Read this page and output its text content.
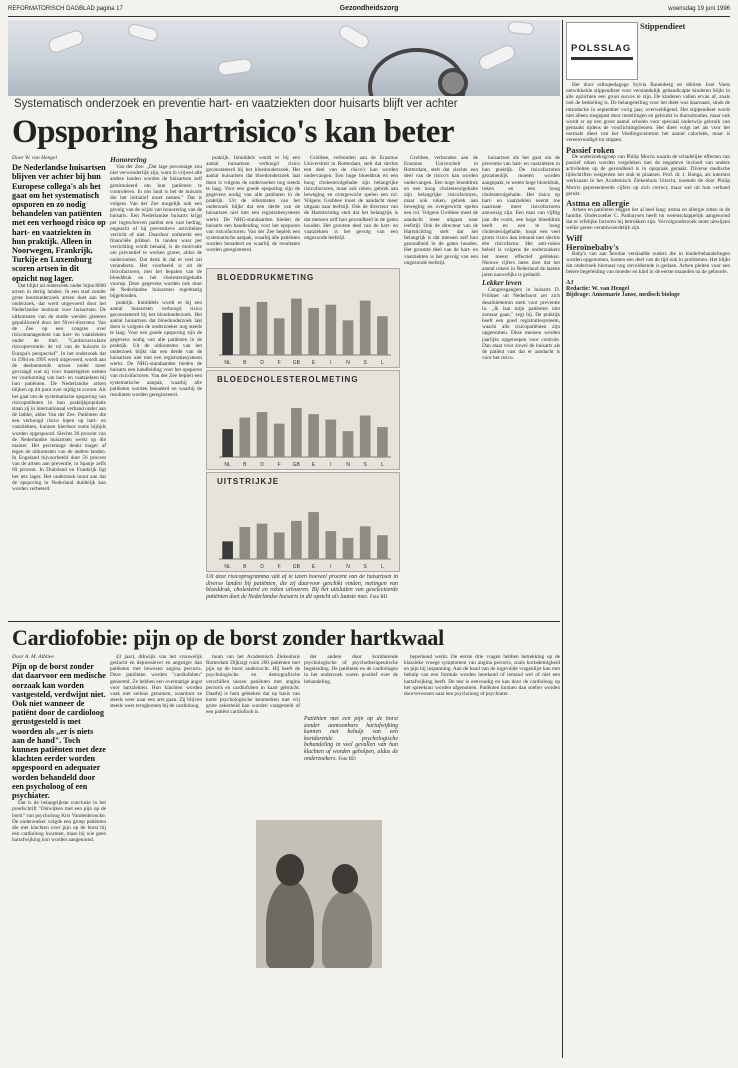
REFORMATORISCH DAGBLAD pagina 17	Gezondheidszorg	woensdag 19 juni 1996
Systematisch onderzoek en preventie hart- en vaatziekten door huisarts blijft ver achter
Opsporing hartrisico's kan beter
Door W. van Hengel
De Nederlandse huisartsen blijven ver achter bij hun Europese collega's als het gaat om het systematisch opsporen en zo nodig behandelen van patiënten met een verhoogd risico op hart- en vaatziekten in hun praktijk. Alleen in Noorwegen, Frankrijk, Turkije en Luxemburg scoren artsen in dit opzicht nog lager.

Dat blijkt uit onderzoek onder bijna 8000 artsen in dertig landen. In een stad zonder grote buurtonderzoek artsen doet aan het onderzoek, dat werd uitgevoerd door het Nederlandse instituut voor huisartsen. De uitkomsten van de studie werden gisteren gepubliceerd door het Nivel-directeur. Van de Zee op een congres over risicomanagement van hart- en vaatziekten onder de titel: "Cardiovasculaire risicopreventie: de rol van de huisarts in Europa's perspectief". In het onderzoek dat in 1994 en 1995 werd uitgevoerd, wordt aan de deelnemende artsen onder meer gevraagd wat zij voor maatregelen nemen ter voorkoming van hart- en vaatziekten bij hun patiënten. De Nederlandse artsen blijken op dit punt over nijdig te scoren. Als het gaat om de systematische opsporing van risicopatiënten in hun praktijkpopulatie staan zij in internationaal verband onder aan de ladder, aldus Van der Zee. Patiënten die een verhoogd risico lopen op hart- en vaatziekten, kunnen hierdoor soms bijtijds worden opgespoord. Slechts 26 procent van de Nederlandse huisartsen werkt op die manier. Het percentage denkt mager af tegen de uitkomsten van de andere landen. In Engeland bijvoorbeeld doet 56 procent van de artsen aan preventie, in Spanje zelfs 69 procent. In Duitsland en Frankrijk ligt het iets lager. Het onderzoek toont aan dat de opsporing in Nederland duidelijk kan worden verbeterd.

Honorering

Van der Zee: ,,Dat lage percentage zou niet verwonderlijk zijn, want in vrijwel alle andere landen worden de huisartsen zelf gestimuleerd om hun patiënten te controleren. In ons land is het de huisarts die het initiatief moet nemen." Dat is volgens Van der Zee mogelijk ook een gevolg van de wijze van honorering van de huisarts. Een Nederlandse huisarts krijgt per ingeschreven patiënt een vast bedrag, ongeacht of hij preventieve activiteiten verricht of niet. Daardoor ontbreekt een financiële prikkel. In landen waar per verrichting wordt betaald, is de motivatie om preventief te werken groter, aldus de onderzoeker. Dat denk ik dat er veel zal veranderen. Het voorbeeld is uit de risicofactoren, met het bepalen van de bloeddruk en het cholesterolgehalte voorop. Deze gegevens worden ook door de Nederlandse huisartsen regelmatig bijgehouden.

praktijk. Inmiddels wordt er bij een aantal huisartsen verhoogd risico geconstateerd bij het bloedonderzoek. Het aantal huisartsen dat bloedonderzoek laat doen is volgens de onderzoeker nog steeds te laag. Voor een goede opsporing zijn de gegevens nodig van alle patiënten in de praktijk. Uit de uitkomsten van het onderzoek blijkt dat een derde van de huisartsen niet met een registratiesysteem werkt. De NHG-standaarden bieden de huisarts een handleiding voor het opsporen van risicofactoren. Van der Zee bepleit een systematische aanpak, waarbij alle patiënten worden benaderd en waarbij de resultaten worden geregistreerd.

praktijk. Inmiddels wordt er bij een aantal huisartsen verhoogd risico geconstateerd bij het bloedonderzoek. Het aantal huisartsen dat bloedonderzoek laat doen is volgens de onderzoeker nog steeds te laag. Voor een goede opsporing zijn de gegevens nodig van alle patiënten in de praktijk. Uit de uitkomsten van het onderzoek blijkt dat een derde van de huisartsen niet met een registratiesysteem werkt. De NHG-standaarden bieden de huisarts een handleiding voor het opsporen van risicofactoren. Van der Zee bepleit een systematische aanpak, waarbij alle patiënten worden benaderd en waarbij de resultaten worden geregistreerd.

Grobbee, verbonden aan de Erasmus Universiteit in Rotterdam, stelt dat slechts een deel van de risico's kan worden ondervangen. Een hoge bloeddruk en een hoog cholesterolgehalte zijn belangrijke risicofactoren, maar ook roken, gebrek aan beweging en overgewicht spelen een rol. Volgens Grobbee moet de aandacht meer uitgaan naar leefstijl. Ook de directeur van de Hartstichting stelt dat het belangrijk is dat mensen zelf hun gezondheid in de gaten houden. Het grootste deel van de hart- en vaatziekten is het gevolg van een ongezonde leefstijl.

BLOEDDRUKMETING
NL B	D	F GB E	I	N	S	L
BLOEDCHOLESTEROLMETING
NL B	D	F GB E	I	N	S	L
UITSTRIJKJE
NL B	D	F GB E	I	N	S	L
Uit deze risicoprogramma valt af te lezen hoeveel procent van de huisartsen in diverse landen bij patiënten, die zij daarvoor geschikt vinden, metingen van bloeddruk, cholesterol en roken uitvoeren. Bij het uitsluiten van geselecteerde patiënten doet de Nederlandse huisarts in dit opzicht als laatste mee. Foto RD

Grobbee, verbonden aan de Erasmus Universiteit in Rotterdam, stelt dat slechts een deel van de risico's kan worden ondervangen. Een hoge bloeddruk en een hoog cholesterolgehalte zijn belangrijke risicofactoren, maar ook roken, gebrek aan beweging en overgewicht spelen een rol. Volgens Grobbee moet de aandacht meer uitgaan naar leefstijl. Ook de directeur van de Hartstichting stelt dat het belangrijk is dat mensen zelf hun gezondheid in de gaten houden. Het grootste deel van de hart- en vaatziekten is het gevolg van een ongezonde leefstijl.

huisartsen als het gaat om de preventie van hart- en vaatziekten in hun praktijk. De risicofactoren gezamenlijk moeten worden aangepakt, te weten hoge bloeddruk, roken en een hoog cholesterolgehalte. Het risico op hart- en vaatziekten neemt toe naarmate meer risicofactoren aanwezig zijn. Een man van vijftig jaar die rookt, een hoge bloeddruk heeft en een te hoog cholesterolgehalte, loopt een veel groter risico dan iemand met slechts één risicofactor. Het anti-roken beleid is volgens de onderzoekers het meest effectief gebleken. Nieuwe cijfers laten zien dat het aantal rokers in Nederland de laatste jaren nauwelijks is gedaald.

Lekker leven

Congresgangers in huisarts D. Frölmer uit Nederhorst zet zich desalniettemin sterk voor preventie in. ,,Ik laat mijn patiënten niet zomaar gaan," zegt hij. De praktijk heeft een goed registratiesysteem, waarin alle risicopatiënten zijn opgenomen. Deze mensen worden jaarlijks opgeroepen voor controle. Dan staat voor zowel de huisarts als de patiënt vast dat er aandacht is voor het risico.

Cardiofobie: pijn op de borst zonder hartkwaal
Door A. M. Albliee
Pijn op de borst zonder dat daarvoor een medische oorzaak kan worden vastgesteld, verdwijnt niet. Ook niet wanneer de patiënt door de cardioloog gerustgesteld is met woorden als ,,er is niets aan de hand". Toch kunnen patiënten met deze klachten eerder worden opgespoord en adequater worden behandeld door een psycholoog of een psychiater.

Dat is de belangrijkste conclusie in het proefschrift "Ontwijken met een pijn op de borst" van psycholoog Kris Vandenbroucke. De onderzoeker volgde een groep patiënten die met klachten over pijn op de borst bij een cardioloog kwamen, maar bij wie geen hartafwijking kon worden aangetoond.

43 jaar), dikwijls van het vrouwelijk geslacht en depressiever en angstiger dan patiënten met bewezen angina pectoris. Deze patiënten worden "cardiofoben" genoemd. Ze hebben een overmatige angst voor hartziekten. Hun klachten worden vaak niet serieus genomen, waardoor ze steeds weer naar een arts gaan. Zij blijven steeds weer terugkomen bij de cardioloog.

tuum van het Academisch Ziekenhuis Rotterdam Dijkzigt ruim 200 patiënten met pijn op de borst onderzocht. Hij heeft de psychologische en demografische verschillen tussen patiënten met angina pectoris en cardiofoben in kaart gebracht. Daarbij is hem gebleken dat op basis van korte psychologische kenmerken met vrij grote zekerheid kan worden vastgesteld of een patiënt cardiofoob is.

der andere door kortdurende psychologische of psychotherapeutische begeleiding. De patiënten en de cardiologen in het onderzoek waren positief over de behandeling.

Patiënten met een pijn op de borst zonder aantoonbare hartafwijking kunnen met behulp van een kortdurende psychologische behandeling in veel gevallen van hun klachten af worden geholpen, aldus de onderzoekers. Foto RD

beperkend werkt. De eerste drie vragen hebben betrekking op de klassieke vroege symptomen van angina pectoris, zoals kortademigheid en pijn bij inspanning. Aan de hand van de ingevulde vragenlijst kan met behulp van een formule worden berekend of iemand wel of niet een hartafwijking heeft. De test is eenvoudig en kan door de cardioloog op het spreekuur worden afgenomen. Patiënten kunnen dan sneller worden doorverwezen naar een psycholoog of psychiater.

POLSSLAG
Stippendieet

Het door orthopedagoge Sylvia Rauenberg en diëtiste José Voets ontwikkelde stippendieet voor verstandelijk gehandicapte kinderen blijkt in alle opzichten een groot succes te zijn. De kinderen vallen ervan af, zoals ook de bedoeling is. De belangstelling voor het dieet was daarnaast, sinds de introductie in september vorig jaar, overweldigend. Het stippendieet wordt niet alleen toegepast door instellingen en gebruikt in thuissituaties, maar ook wordt er op een groot aantal scholen voor speciaal onderwijs gebruik van gemaakt tijdens de voorlichtingslessen. Het dieet volgt net als voor het normale dieet van het Voedingscentrum het aantal calorieën, maar is vereenvoudigd tot stippen.

Passief roken

De onderzoeksgroep van Philip Morris waarin de schadelijke effecten van passief roken worden vergeleken met de negatieve invloed van andere activiteiten op de gezondheid is in opspraak geraakt. Diverse medische tijdschriften weigerden het stuk te plaatsen. Prof. dr. J. Bunga, als internist werkzaam in het Academisch Ziekenhuis Utrecht, noemde de door Philip Morris gepresenteerde cijfers op zich correct, maar wel uit hun verband gerukt.

Astma en allergie

Artsen en patiënten zeggen het al heel lang: astma en allergie zitten in de familie. Onderzoeker C. Panhuysen heeft nu wetenschappelijk aangetoond dat er erfelijke factoren bij betrokken zijn. Vervolgonderzoek moet uitwijzen welke genen verantwoordelijk zijn.

Wiff
Heroïnebaby's

Baby's van aan heroïne verslaafde ouders die in kinderbehandelingen worden opgenomen, komen een deel van de tijd ook in problemen. Het blijkt dat onderzoek hiernaar nog onvoldoende is gedaan. Artsen pleiten voor een betere begeleiding van moeder en kind in de eerste maanden na de geboorte.

AJ
Redactie: W. van Hengel
Bijdrage: Annemarie Janse, medisch biologe
